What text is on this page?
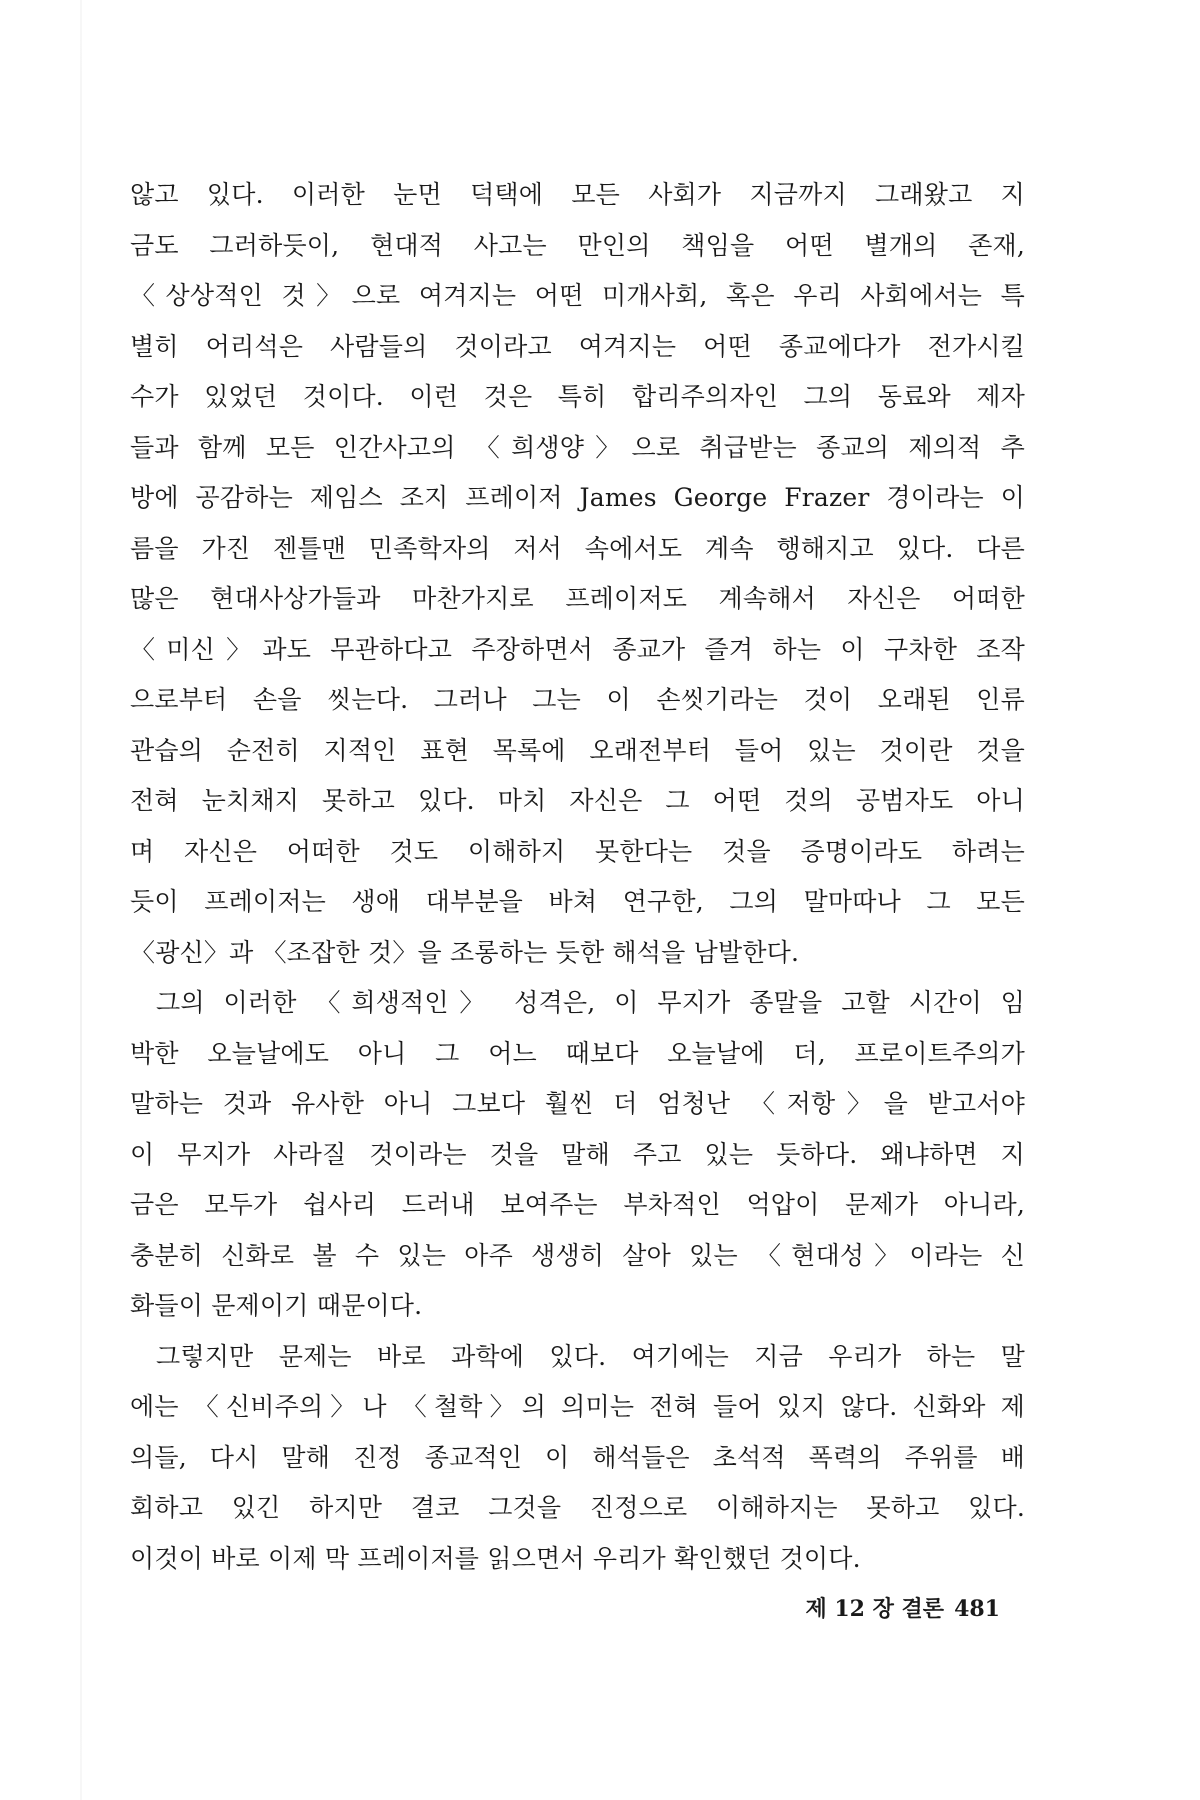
않고 있다. 이러한 눈먼 덕택에 모든 사회가 지금까지 그래왔고 지
금도 그러하듯이, 현대적 사고는 만인의 책임을 어떤 별개의 존재,
〈상상적인 것〉으로 여겨지는 어떤 미개사회, 혹은 우리 사회에서는 특
별히 어리석은 사람들의 것이라고 여겨지는 어떤 종교에다가 전가시킬
수가 있었던 것이다. 이런 것은 특히 합리주의자인 그의 동료와 제자
들과 함께 모든 인간사고의 〈희생양〉으로 취급받는 종교의 제의적 추
방에 공감하는 제임스 조지 프레이저 James George Frazer 경이라는 이
름을 가진 젠틀맨 민족학자의 저서 속에서도 계속 행해지고 있다. 다른
많은 현대사상가들과 마찬가지로 프레이저도 계속해서 자신은 어떠한
〈미신〉과도 무관하다고 주장하면서 종교가 즐겨 하는 이 구차한 조작
으로부터 손을 씻는다. 그러나 그는 이 손씻기라는 것이 오래된 인류
관습의 순전히 지적인 표현 목록에 오래전부터 들어 있는 것이란 것을
전혀 눈치채지 못하고 있다. 마치 자신은 그 어떤 것의 공범자도 아니
며 자신은 어떠한 것도 이해하지 못한다는 것을 증명이라도 하려는
듯이 프레이저는 생애 대부분을 바쳐 연구한, 그의 말마따나 그 모든
〈광신〉과 〈조잡한 것〉을 조롱하는 듯한 해석을 남발한다.
그의 이러한 〈희생적인〉 성격은, 이 무지가 종말을 고할 시간이 임
박한 오늘날에도 아니 그 어느 때보다 오늘날에 더, 프로이트주의가
말하는 것과 유사한 아니 그보다 훨씬 더 엄청난 〈저항〉을 받고서야
이 무지가 사라질 것이라는 것을 말해 주고 있는 듯하다. 왜냐하면 지
금은 모두가 쉽사리 드러내 보여주는 부차적인 억압이 문제가 아니라,
충분히 신화로 볼 수 있는 아주 생생히 살아 있는 〈현대성〉이라는 신
화들이 문제이기 때문이다.
그렇지만 문제는 바로 과학에 있다. 여기에는 지금 우리가 하는 말
에는 〈신비주의〉나 〈철학〉의 의미는 전혀 들어 있지 않다. 신화와 제
의들, 다시 말해 진정 종교적인 이 해석들은 초석적 폭력의 주위를 배
회하고 있긴 하지만 결코 그것을 진정으로 이해하지는 못하고 있다.
이것이 바로 이제 막 프레이저를 읽으면서 우리가 확인했던 것이다.
제 12 장 결론 481
